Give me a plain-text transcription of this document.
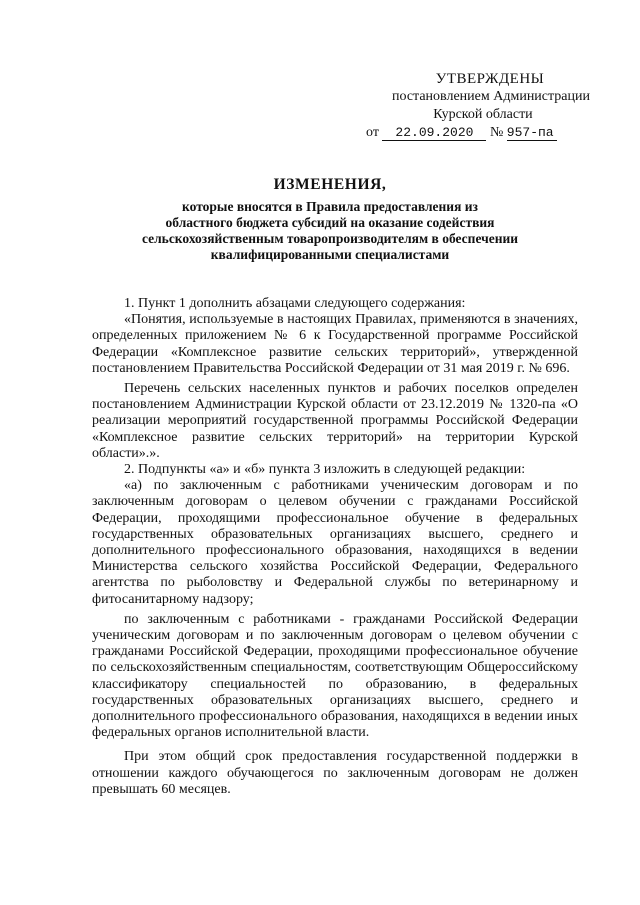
УТВЕРЖДЕНЫ
постановлением Администрации
Курской области
от 22.09.2020 № 957-па
ИЗМЕНЕНИЯ,
которые вносятся в Правила предоставления из
областного бюджета субсидий на оказание содействия
сельскохозяйственным товаропроизводителям в обеспечении
квалифицированными специалистами

1. Пункт 1 дополнить абзацами следующего содержания:

«Понятия, используемые в настоящих Правилах, применяются в значениях, определенных приложением № 6 к Государственной программе Российской Федерации «Комплексное развитие сельских территорий», утвержденной постановлением Правительства Российской Федерации от 31 мая 2019 г. № 696.

Перечень сельских населенных пунктов и рабочих поселков определен постановлением Администрации Курской области от 23.12.2019 № 1320-па «О реализации мероприятий государственной программы Российской Федерации «Комплексное развитие сельских территорий» на территории Курской области».».

2. Подпункты «а» и «б» пункта 3 изложить в следующей редакции:

«а) по заключенным с работниками ученическим договорам и по заключенным договорам о целевом обучении с гражданами Российской Федерации, проходящими профессиональное обучение в федеральных государственных образовательных организациях высшего, среднего и дополнительного профессионального образования, находящихся в ведении Министерства сельского хозяйства Российской Федерации, Федерального агентства по рыболовству и Федеральной службы по ветеринарному и фитосанитарному надзору;

по заключенным с работниками - гражданами Российской Федерации ученическим договорам и по заключенным договорам о целевом обучении с гражданами Российской Федерации, проходящими профессиональное обучение по сельскохозяйственным специальностям, соответствующим Общероссийскому классификатору специальностей по образованию, в федеральных государственных образовательных организациях высшего, среднего и дополнительного профессионального образования, находящихся в ведении иных федеральных органов исполнительной власти.

При этом общий срок предоставления государственной поддержки в отношении каждого обучающегося по заключенным договорам не должен превышать 60 месяцев.
